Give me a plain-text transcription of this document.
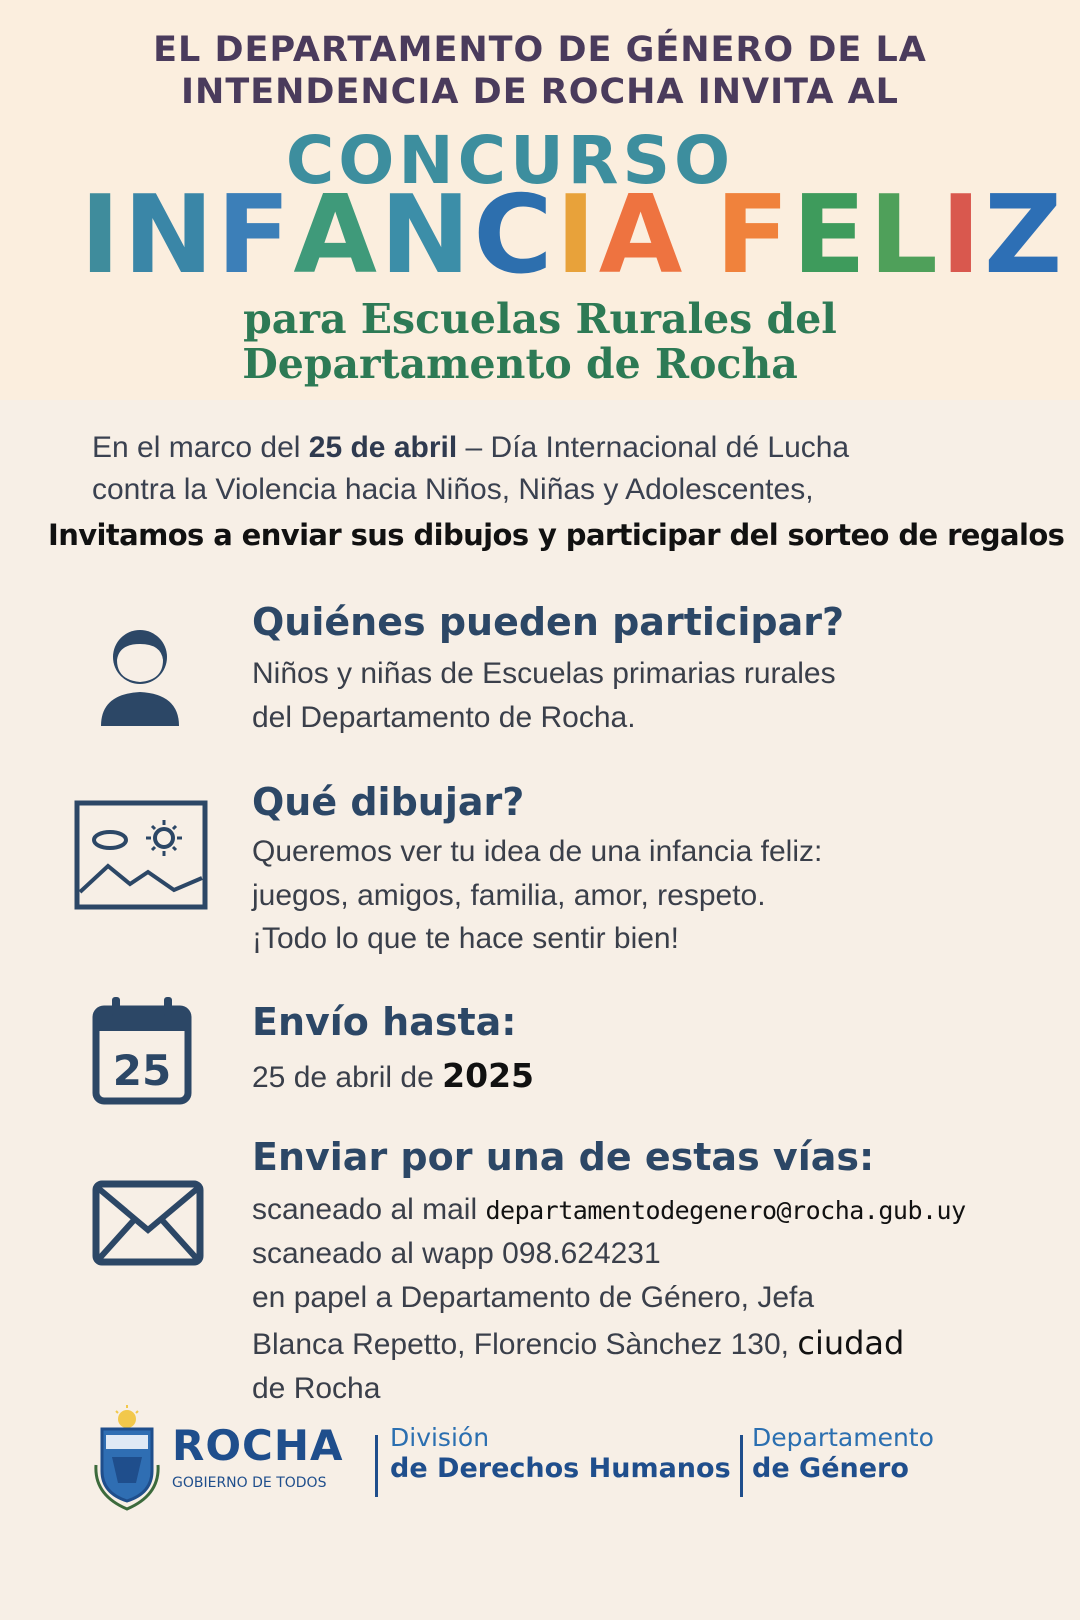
EL DEPARTAMENTO DE GÉNERO DE LA

INTENDENCIA DE ROCHA INVITA AL

CONCURSO

INFANCIA FELIZ

para Escuelas Rurales del

Departamento de Rocha

En el marco del 25 de abril – Día Internacional dé Lucha

contra la Violencia hacia Niños, Niñas y Adolescentes,

Invitamos a enviar sus dibujos y participar del sorteo de regalos

Quiénes pueden participar?

Niños y niñas de Escuelas primarias rurales
del Departamento de Rocha.

Qué dibujar?

Queremos ver tu idea de una infancia feliz:
juegos, amigos, familia, amor, respeto.
¡Todo lo que te hace sentir bien!

25

Envío hasta:

25 de abril de 2025

Enviar por una de estas vías:

scaneado al mail departamentodegenero@rocha.gub.uy
scaneado al wapp 098.624231
en papel a Departamento de Género, Jefa
Blanca Repetto, Florencio Sànchez 130, ciudad
de Rocha

ROCHA

GOBIERNO DE TODOS

División

de Derechos Humanos

Departamento

de Género
